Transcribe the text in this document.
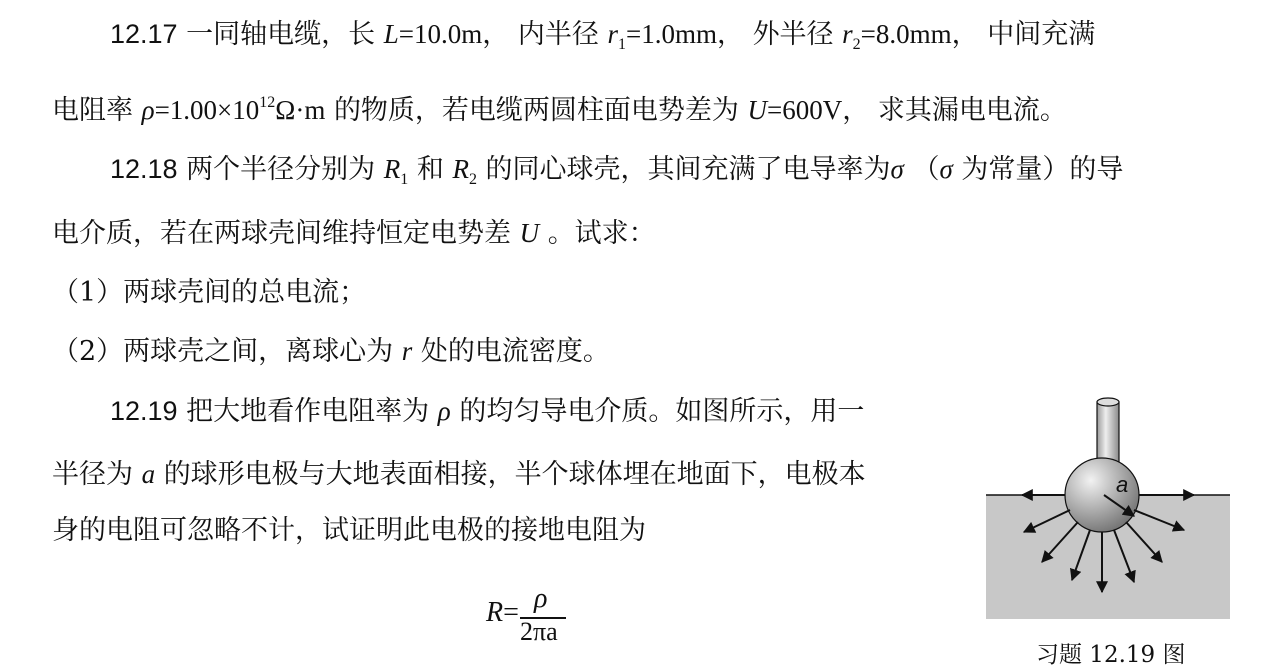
12.17 一同轴电缆，长 L=10.0m， 内半径 $r_1=1.0mm$， 外半径 $r_2=8.0mm$， 中间充满
电阻率 $\rho=1.00\times 10^{12}\Omega\cdot m$ 的物质，若电缆两圆柱面电势差为 U=600V， 求其漏电电流。
12.18 两个半径分别为 $R_1$ 和 $R_2$ 的同心球壳，其间充满了电导率为σ （σ 为常量）的导
电介质，若在两球壳间维持恒定电势差 U 。试求：
（1）两球壳间的总电流；
（2）两球壳之间，离球心为 r 处的电流密度。
12.19 把大地看作电阻率为 ρ 的均匀导电介质。如图所示，用一
半径为 a 的球形电极与大地表面相接，半个球体埋在地面下，电极本
身的电阻可忽略不计，试证明此电极的接地电阻为
R= ρ
2πa
a
习题 12.19 图
